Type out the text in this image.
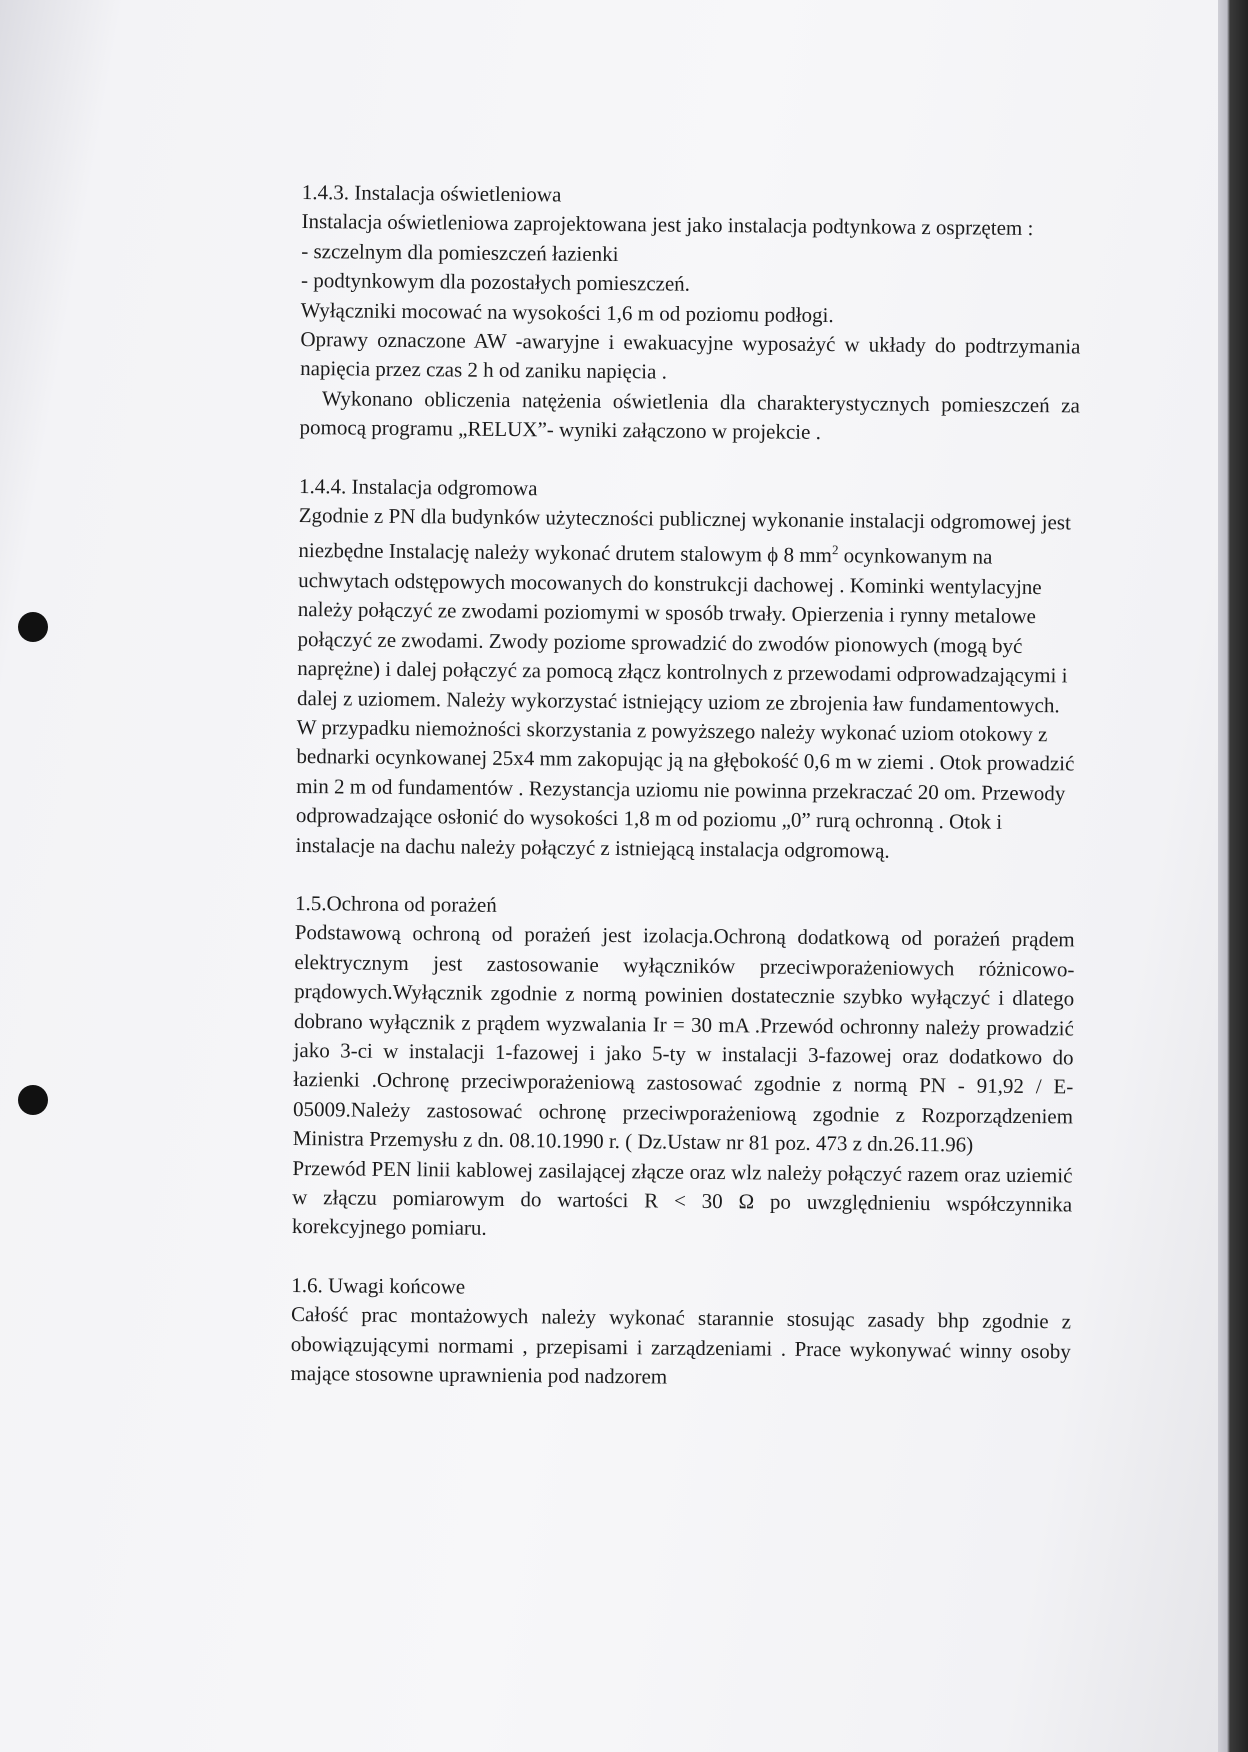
1.4.3. Instalacja oświetleniowa

Instalacja oświetleniowa zaprojektowana jest jako instalacja podtynkowa z osprzętem :

- szczelnym dla pomieszczeń łazienki

- podtynkowym dla pozostałych pomieszczeń.

Wyłączniki mocować na wysokości 1,6 m od poziomu podłogi.

Oprawy oznaczone AW -awaryjne i ewakuacyjne wyposażyć w układy do podtrzymania napięcia przez czas 2 h od zaniku napięcia .

Wykonano obliczenia natężenia oświetlenia dla charakterystycznych pomieszczeń za pomocą programu „RELUX”- wyniki załączono w projekcie .

1.4.4. Instalacja odgromowa

Zgodnie z PN dla budynków użyteczności publicznej wykonanie instalacji odgromowej jest niezbędne Instalację należy wykonać drutem stalowym ϕ 8 $mm^2$ ocynkowanym na uchwytach odstępowych mocowanych do konstrukcji dachowej . Kominki wentylacyjne należy połączyć ze zwodami poziomymi w sposób trwały. Opierzenia i rynny metalowe połączyć ze zwodami. Zwody poziome sprowadzić do zwodów pionowych (mogą być naprężne) i dalej połączyć za pomocą złącz kontrolnych z przewodami odprowadzającymi i dalej z uziomem. Należy wykorzystać istniejący uziom ze zbrojenia ław fundamentowych. W przypadku niemożności skorzystania z powyższego należy wykonać uziom otokowy z bednarki ocynkowanej 25x4 mm zakopując ją na głębokość 0,6 m w ziemi . Otok prowadzić min 2 m od fundamentów . Rezystancja uziomu nie powinna przekraczać 20 om. Przewody odprowadzające osłonić do wysokości 1,8 m od poziomu „0” rurą ochronną . Otok i instalacje na dachu należy połączyć z istniejącą instalacja odgromową.

1.5.Ochrona od porażeń

Podstawową ochroną od porażeń jest izolacja.Ochroną dodatkową od porażeń prądem elektrycznym jest zastosowanie wyłączników przeciwporażeniowych różnicowo-prądowych.Wyłącznik zgodnie z normą powinien dostatecznie szybko wyłączyć i dlatego dobrano wyłącznik z prądem wyzwalania Ir = 30 mA .Przewód ochronny należy prowadzić jako 3-ci w instalacji 1-fazowej i jako 5-ty w instalacji 3-fazowej oraz dodatkowo do łazienki .Ochronę przeciwporażeniową zastosować zgodnie z normą PN - 91,92 / E-05009.Należy zastosować ochronę przeciwporażeniową zgodnie z Rozporządzeniem Ministra Przemysłu z dn. 08.10.1990 r. ( Dz.Ustaw nr 81 poz. 473 z dn.26.11.96)

Przewód PEN linii kablowej zasilającej złącze oraz wlz należy połączyć razem oraz uziemić w złączu pomiarowym do wartości R < 30 Ω po uwzględnieniu współczynnika korekcyjnego pomiaru.

1.6. Uwagi końcowe

Całość prac montażowych należy wykonać starannie stosując zasady bhp zgodnie z obowiązującymi normami , przepisami i zarządzeniami . Prace wykonywać winny osoby mające stosowne uprawnienia pod nadzorem
